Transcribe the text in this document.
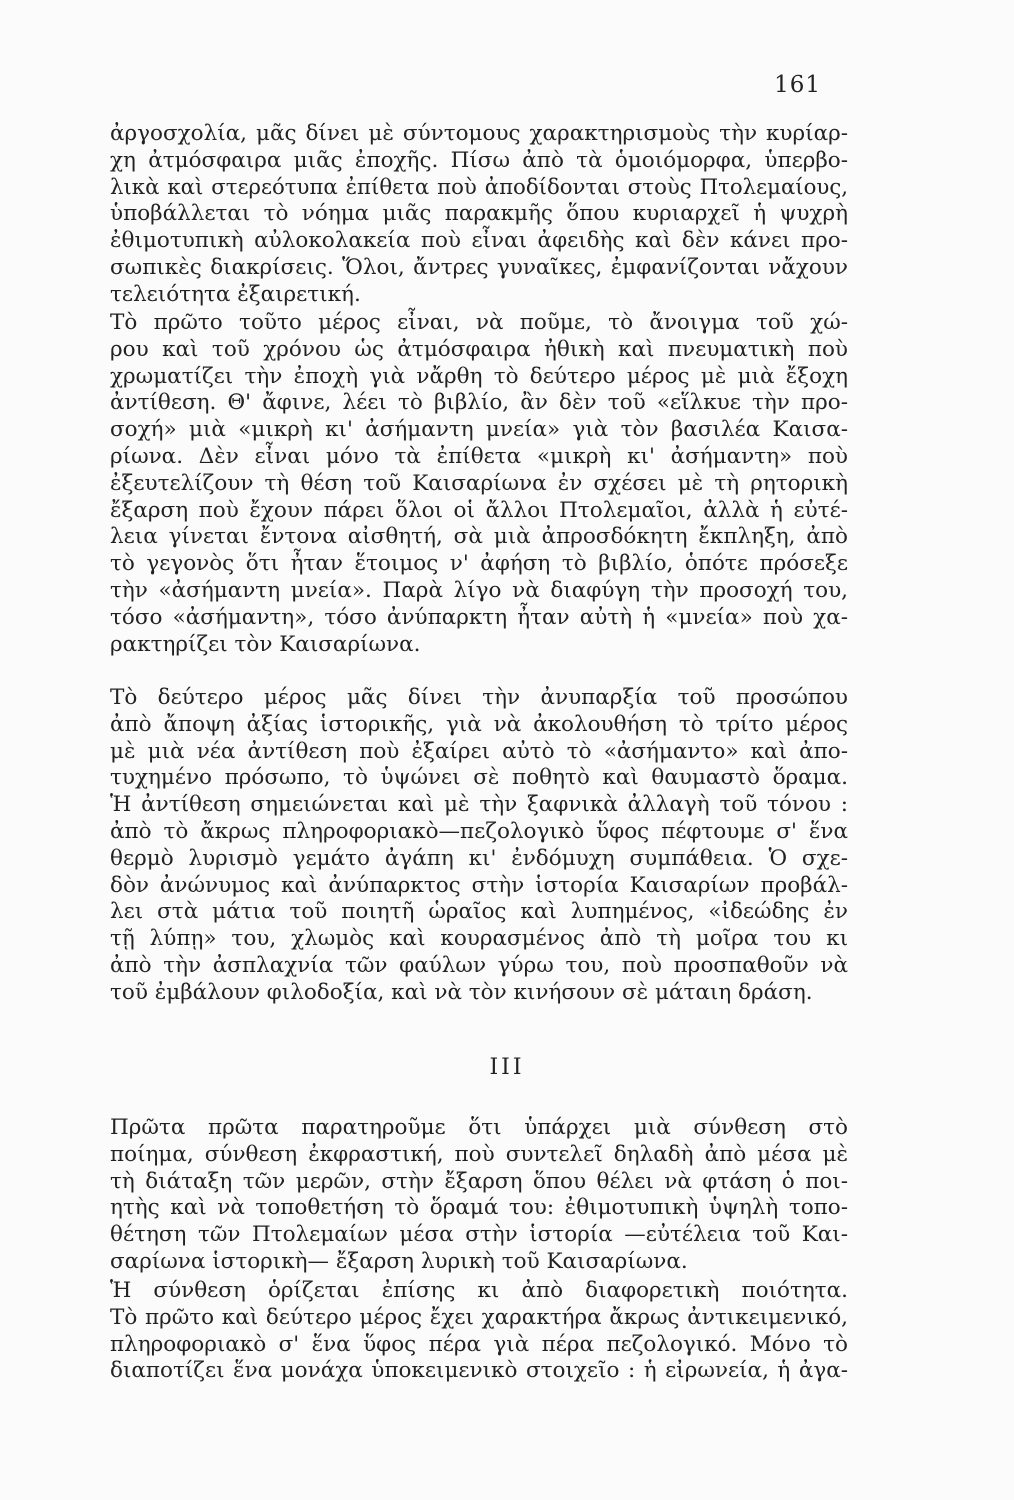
161
ἀργοσχολία, μᾶς δίνει μὲ σύντομους χαρακτηρισμοὺς τὴν κυρίαρ-
χη ἀτμόσφαιρα μιᾶς ἐποχῆς. Πίσω ἀπὸ τὰ ὁμοιόμορφα, ὑπερβο-
λικὰ καὶ στερεότυπα ἐπίθετα ποὺ ἀποδίδονται στοὺς Πτολεμαίους,
ὑποβάλλεται τὸ νόημα μιᾶς παρακμῆς ὅπου κυριαρχεῖ ἡ ψυχρὴ
ἐθιμοτυπικὴ αὐλοκολακεία ποὺ εἶναι ἀφειδὴς καὶ δὲν κάνει προ-
σωπικὲς διακρίσεις. Ὅλοι, ἄντρες γυναῖκες, ἐμφανίζονται νἄχουν
τελειότητα ἐξαιρετική.
Τὸ πρῶτο τοῦτο μέρος εἶναι, νὰ ποῦμε, τὸ ἄνοιγμα τοῦ χώ-
ρου καὶ τοῦ χρόνου ὡς ἀτμόσφαιρα ἠθικὴ καὶ πνευματικὴ ποὺ
χρωματίζει τὴν ἐποχὴ γιὰ νἄρθη τὸ δεύτερο μέρος μὲ μιὰ ἔξοχη
ἀντίθεση. Θ' ἄφινε, λέει τὸ βιβλίο, ἂν δὲν τοῦ «εἵλκυε τὴν προ-
σοχή» μιὰ «μικρὴ κι' ἀσήμαντη μνεία» γιὰ τὸν βασιλέα Καισα-
ρίωνα. Δὲν εἶναι μόνο τὰ ἐπίθετα «μικρὴ κι' ἀσήμαντη» ποὺ
ἐξευτελίζουν τὴ θέση τοῦ Καισαρίωνα ἐν σχέσει μὲ τὴ ρητορικὴ
ἔξαρση ποὺ ἔχουν πάρει ὅλοι οἱ ἄλλοι Πτολεμαῖοι, ἀλλὰ ἡ εὐτέ-
λεια γίνεται ἔντονα αἰσθητή, σὰ μιὰ ἀπροσδόκητη ἔκπληξη, ἀπὸ
τὸ γεγονὸς ὅτι ἦταν ἕτοιμος ν' ἀφήση τὸ βιβλίο, ὁπότε πρόσεξε
τὴν «ἀσήμαντη μνεία». Παρὰ λίγο νὰ διαφύγη τὴν προσοχή του,
τόσο «ἀσήμαντη», τόσο ἀνύπαρκτη ἦταν αὐτὴ ἡ «μνεία» ποὺ χα-
ρακτηρίζει τὸν Καισαρίωνα.
Τὸ δεύτερο μέρος μᾶς δίνει τὴν ἀνυπαρξία τοῦ προσώπου
ἀπὸ ἄποψη ἀξίας ἱστορικῆς, γιὰ νὰ ἀκολουθήση τὸ τρίτο μέρος
μὲ μιὰ νέα ἀντίθεση ποὺ ἐξαίρει αὐτὸ τὸ «ἀσήμαντο» καὶ ἀπο-
τυχημένο πρόσωπο, τὸ ὑψώνει σὲ ποθητὸ καὶ θαυμαστὸ ὅραμα.
Ἡ ἀντίθεση σημειώνεται καὶ μὲ τὴν ξαφνικὰ ἀλλαγὴ τοῦ τόνου :
ἀπὸ τὸ ἄκρως πληροφοριακὸ—πεζολογικὸ ὕφος πέφτουμε σ' ἕνα
θερμὸ λυρισμὸ γεμάτο ἀγάπη κι' ἐνδόμυχη συμπάθεια. Ὁ σχε-
δὸν ἀνώνυμος καὶ ἀνύπαρκτος στὴν ἱστορία Καισαρίων προβάλ-
λει στὰ μάτια τοῦ ποιητῆ ὡραῖος καὶ λυπημένος, «ἰδεώδης ἐν
τῇ λύπῃ» του, χλωμὸς καὶ κουρασμένος ἀπὸ τὴ μοῖρα του κι
ἀπὸ τὴν ἀσπλαχνία τῶν φαύλων γύρω του, ποὺ προσπαθοῦν νὰ
τοῦ ἐμβάλουν φιλοδοξία, καὶ νὰ τὸν κινήσουν σὲ μάταιη δράση.
III
Πρῶτα πρῶτα παρατηροῦμε ὅτι ὑπάρχει μιὰ σύνθεση στὸ
ποίημα, σύνθεση ἐκφραστική, ποὺ συντελεῖ δηλαδὴ ἀπὸ μέσα μὲ
τὴ διάταξη τῶν μερῶν, στὴν ἔξαρση ὅπου θέλει νὰ φτάση ὁ ποι-
ητὴς καὶ νὰ τοποθετήση τὸ ὅραμά του: ἐθιμοτυπικὴ ὑψηλὴ τοπο-
θέτηση τῶν Πτολεμαίων μέσα στὴν ἱστορία —εὐτέλεια τοῦ Και-
σαρίωνα ἱστορικὴ— ἔξαρση λυρικὴ τοῦ Καισαρίωνα.
Ἡ σύνθεση ὁρίζεται ἐπίσης κι ἀπὸ διαφορετικὴ ποιότητα.
Τὸ πρῶτο καὶ δεύτερο μέρος ἔχει χαρακτήρα ἄκρως ἀντικειμενικό,
πληροφοριακὸ σ' ἕνα ὕφος πέρα γιὰ πέρα πεζολογικό. Μόνο τὸ
διαποτίζει ἕνα μονάχα ὑποκειμενικὸ στοιχεῖο : ἡ εἰρωνεία, ἡ ἀγα-
